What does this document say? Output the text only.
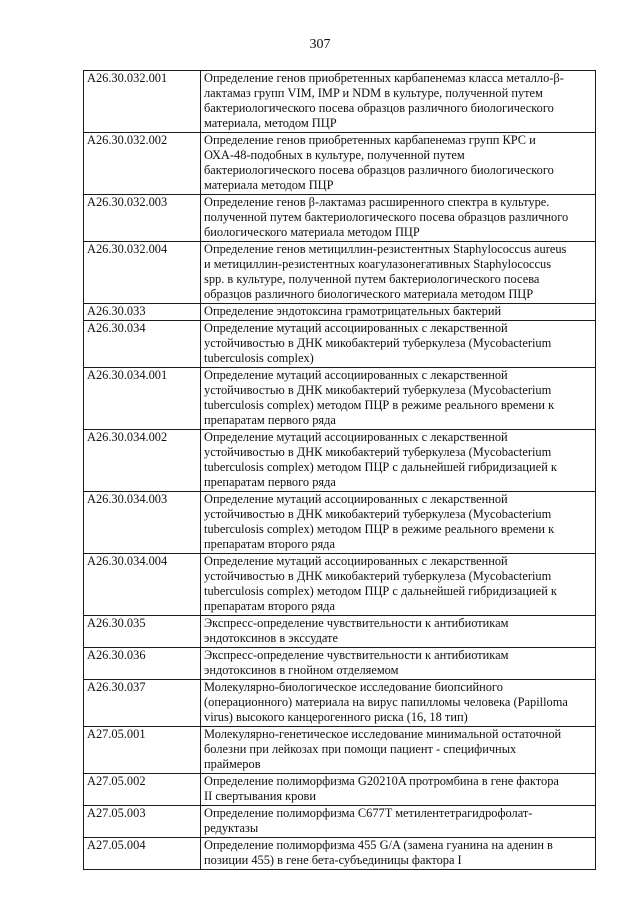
307
A26.30.032.001	Определение генов приобретенных карбапенемаз класса металло-β-
лактамаз групп VIM, IMP и NDM в культуре, полученной путем
бактериологического посева образцов различного биологического
материала, методом ПЦР

A26.30.032.002	Определение генов приобретенных карбапенемаз групп КРС и
ОХА-48-подобных в культуре, полученной путем
бактериологического посева образцов различного биологического
материала методом ПЦР

A26.30.032.003	Определение генов β-лактамаз расширенного спектра в культуре.
полученной путем бактериологического посева образцов различного
биологического материала методом ПЦР

A26.30.032.004	Определение генов метициллин-резистентных Staphylococcus aureus
и метициллин-резистентных коагулазонегативных Staphylococcus
spp. в культуре, полученной путем бактериологического посева
образцов различного биологического материала методом ПЦР

A26.30.033	Определение эндотоксина грамотрицательных бактерий

A26.30.034	Определение мутаций ассоциированных с лекарственной
устойчивостью в ДНК микобактерий туберкулеза (Mycobacterium
tuberculosis complex)

A26.30.034.001	Определение мутаций ассоциированных с лекарственной
устойчивостью в ДНК микобактерий туберкулеза (Mycobacterium
tuberculosis complex) методом ПЦР в режиме реального времени к
препаратам первого ряда

A26.30.034.002	Определение мутаций ассоциированных с лекарственной
устойчивостью в ДНК микобактерий туберкулеза (Mycobacterium
tuberculosis complex) методом ПЦР с дальнейшей гибридизацией к
препаратам первого ряда

A26.30.034.003	Определение мутаций ассоциированных с лекарственной
устойчивостью в ДНК микобактерий туберкулеза (Mycobacterium
tuberculosis complex) методом ПЦР в режиме реального времени к
препаратам второго ряда

A26.30.034.004	Определение мутаций ассоциированных с лекарственной
устойчивостью в ДНК микобактерий туберкулеза (Mycobacterium
tuberculosis complex) методом ПЦР с дальнейшей гибридизацией к
препаратам второго ряда

A26.30.035	Экспресс-определение чувствительности к антибиотикам
эндотоксинов в экссудате

A26.30.036	Экспресс-определение чувствительности к антибиотикам
эндотоксинов в гнойном отделяемом

A26.30.037	Молекулярно-биологическое исследование биопсийного
(операционного) материала на вирус папилломы человека (Papilloma
virus) высокого канцерогенного риска (16, 18 тип)

A27.05.001	Молекулярно-генетическое исследование минимальной остаточной
болезни при лейкозах при помощи пациент - специфичных
праймеров

A27.05.002	Определение полиморфизма G20210A протромбина в гене фактора
II свертывания крови

A27.05.003	Определение полиморфизма C677T метилентетрагидрофолат-
редуктазы

A27.05.004	Определение полиморфизма 455 G/A (замена гуанина на аденин в
позиции 455) в гене бета-субъединицы фактора I
